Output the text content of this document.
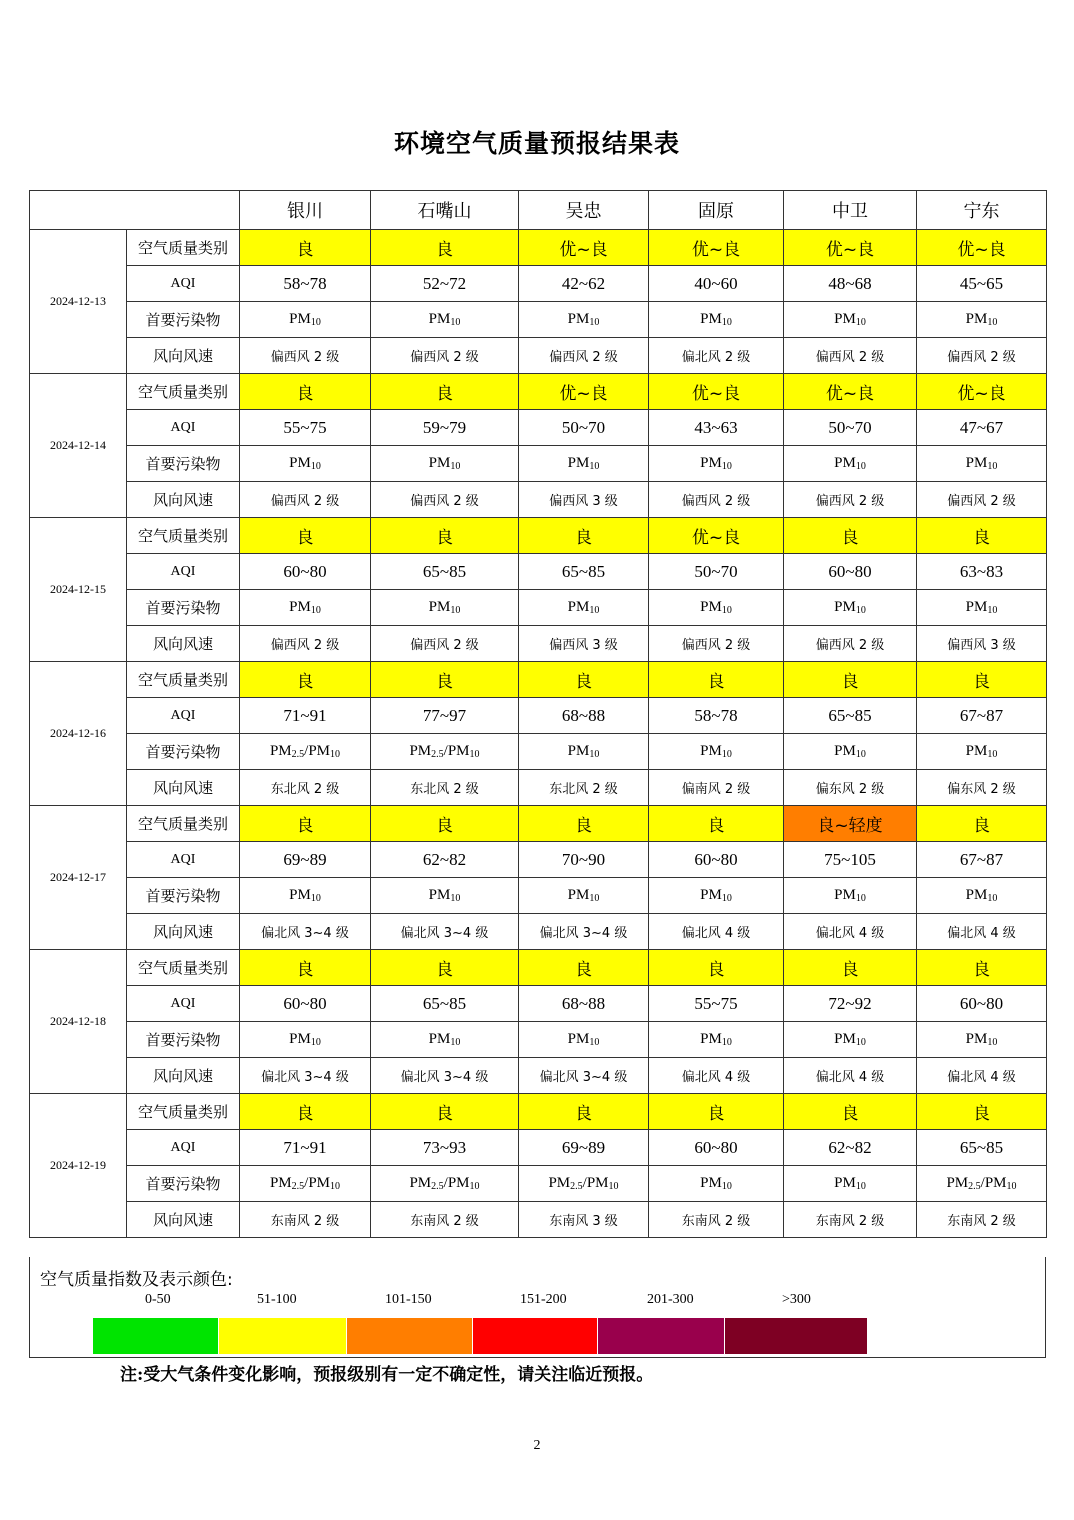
环境空气质量预报结果表
		银川	石嘴山	吴忠	固原	中卫	宁东
2024-12-13	空气质量类别	良	良	优~良	优~良	优~良	优~良
	AQI	58~78	52~72	42~62	40~60	48~68	45~65
	首要污染物	$PM_{10}$	$PM_{10}$	$PM_{10}$	$PM_{10}$	$PM_{10}$	$PM_{10}$
	风向风速	偏西风 2 级	偏西风 2 级	偏西风 2 级	偏北风 2 级	偏西风 2 级	偏西风 2 级
2024-12-14	空气质量类别	良	良	优~良	优~良	优~良	优~良
	AQI	55~75	59~79	50~70	43~63	50~70	47~67
	首要污染物	$PM_{10}$	$PM_{10}$	$PM_{10}$	$PM_{10}$	$PM_{10}$	$PM_{10}$
	风向风速	偏西风 2 级	偏西风 2 级	偏西风 3 级	偏西风 2 级	偏西风 2 级	偏西风 2 级
2024-12-15	空气质量类别	良	良	良	优~良	良	良
	AQI	60~80	65~85	65~85	50~70	60~80	63~83
	首要污染物	$PM_{10}$	$PM_{10}$	$PM_{10}$	$PM_{10}$	$PM_{10}$	$PM_{10}$
	风向风速	偏西风 2 级	偏西风 2 级	偏西风 3 级	偏西风 2 级	偏西风 2 级	偏西风 3 级
2024-12-16	空气质量类别	良	良	良	良	良	良
	AQI	71~91	77~97	68~88	58~78	65~85	67~87
	首要污染物	$PM_{2.5}/PM_{10}$	$PM_{2.5}/PM_{10}$	$PM_{10}$	$PM_{10}$	$PM_{10}$	$PM_{10}$
	风向风速	东北风 2 级	东北风 2 级	东北风 2 级	偏南风 2 级	偏东风 2 级	偏东风 2 级
2024-12-17	空气质量类别	良	良	良	良	良~轻度	良
	AQI	69~89	62~82	70~90	60~80	75~105	67~87
	首要污染物	$PM_{10}$	$PM_{10}$	$PM_{10}$	$PM_{10}$	$PM_{10}$	$PM_{10}$
	风向风速	偏北风 3~4 级	偏北风 3~4 级	偏北风 3~4 级	偏北风 4 级	偏北风 4 级	偏北风 4 级
2024-12-18	空气质量类别	良	良	良	良	良	良
	AQI	60~80	65~85	68~88	55~75	72~92	60~80
	首要污染物	$PM_{10}$	$PM_{10}$	$PM_{10}$	$PM_{10}$	$PM_{10}$	$PM_{10}$
	风向风速	偏北风 3~4 级	偏北风 3~4 级	偏北风 3~4 级	偏北风 4 级	偏北风 4 级	偏北风 4 级
2024-12-19	空气质量类别	良	良	良	良	良	良
	AQI	71~91	73~93	69~89	60~80	62~82	65~85
	首要污染物	$PM_{2.5}/PM_{10}$	$PM_{2.5}/PM_{10}$	$PM_{2.5}/PM_{10}$	$PM_{10}$	$PM_{10}$	$PM_{2.5}/PM_{10}$
	风向风速	东南风 2 级	东南风 2 级	东南风 3 级	东南风 2 级	东南风 2 级	东南风 2 级
空气质量指数及表示颜色:
0-50	51-100	101-150	151-200	201-300	>300
注:受大气条件变化影响，预报级别有一定不确定性，请关注临近预报。
2
